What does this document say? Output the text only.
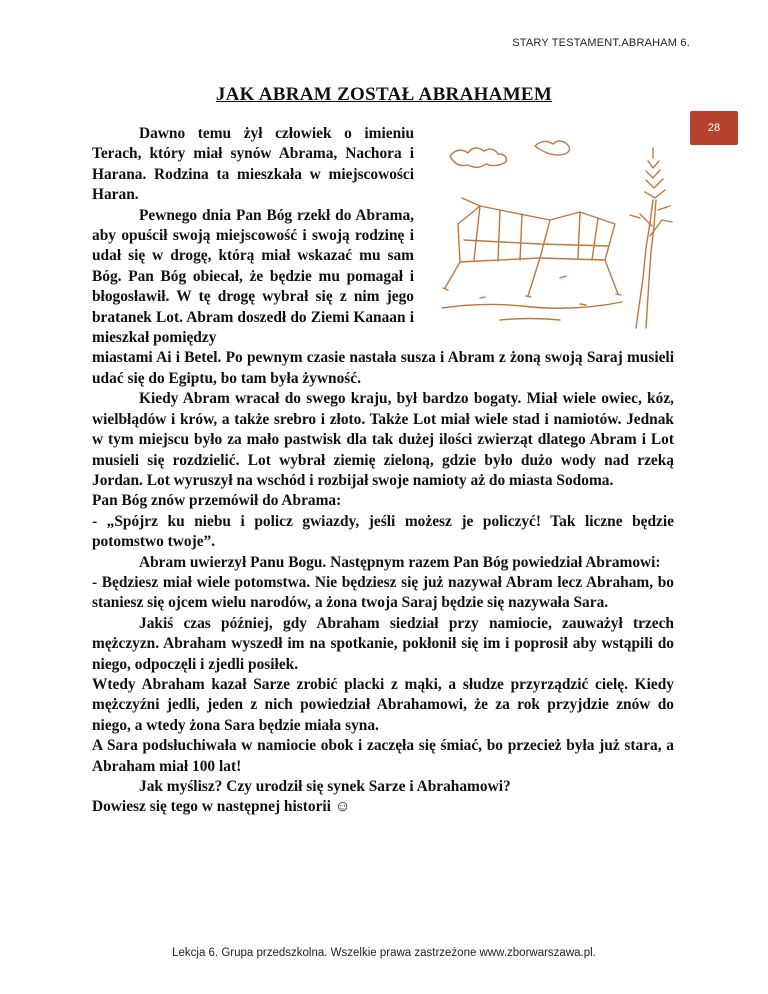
STARY TESTAMENT.ABRAHAM 6.
28
JAK ABRAM ZOSTAŁ ABRAHAMEM

Dawno temu żył człowiek o imieniu Terach, który miał synów Abrama, Nachora i Harana. Rodzina ta mieszkała w miejscowości Haran.

Pewnego dnia Pan Bóg rzekł do Abrama, aby opuścił swoją miejscowość i swoją rodzinę i udał się w drogę, którą miał wskazać mu sam Bóg. Pan Bóg obiecał, że będzie mu pomagał i błogosławił. W tę drogę wybrał się z nim jego bratanek Lot. Abram doszedł do Ziemi Kanaan i mieszkał pomiędzy

miastami Ai i Betel. Po pewnym czasie nastała susza i Abram z żoną swoją Saraj musieli udać się do Egiptu, bo tam była żywność.

Kiedy Abram wracał do swego kraju, był bardzo bogaty. Miał wiele owiec, kóz, wielbłądów i krów, a także srebro i złoto. Także Lot miał wiele stad i namiotów. Jednak w tym miejscu było za mało pastwisk dla tak dużej ilości zwierząt dlatego Abram i Lot musieli się rozdzielić. Lot wybrał ziemię zieloną, gdzie było dużo wody nad rzeką Jordan. Lot wyruszył na wschód i rozbijał swoje namioty aż do miasta Sodoma.

Pan Bóg znów przemówił do Abrama:

- „Spójrz ku niebu i policz gwiazdy, jeśli możesz je policzyć! Tak liczne będzie potomstwo twoje”.

Abram uwierzył Panu Bogu. Następnym razem Pan Bóg powiedział Abramowi:

- Będziesz miał wiele potomstwa. Nie będziesz się już nazywał Abram lecz Abraham, bo staniesz się ojcem wielu narodów, a żona twoja Saraj będzie się nazywała Sara.

Jakiś czas później, gdy Abraham siedział przy namiocie, zauważył trzech mężczyzn. Abraham wyszedł im na spotkanie, pokłonił się im i poprosił aby wstąpili do niego, odpoczęli i zjedli posiłek.

Wtedy Abraham kazał Sarze zrobić placki z mąki, a słudze przyrządzić cielę. Kiedy mężczyźni jedli, jeden z nich powiedział Abrahamowi, że za rok przyjdzie znów do niego, a wtedy żona Sara będzie miała syna.

A Sara podsłuchiwała w namiocie obok i zaczęła się śmiać, bo przecież była już stara, a Abraham miał 100 lat!

Jak myślisz? Czy urodził się synek Sarze i Abrahamowi?

Dowiesz się tego w następnej historii ☺

Lekcja 6. Grupa przedszkolna. Wszelkie prawa zastrzeżone www.zborwarszawa.pl.
